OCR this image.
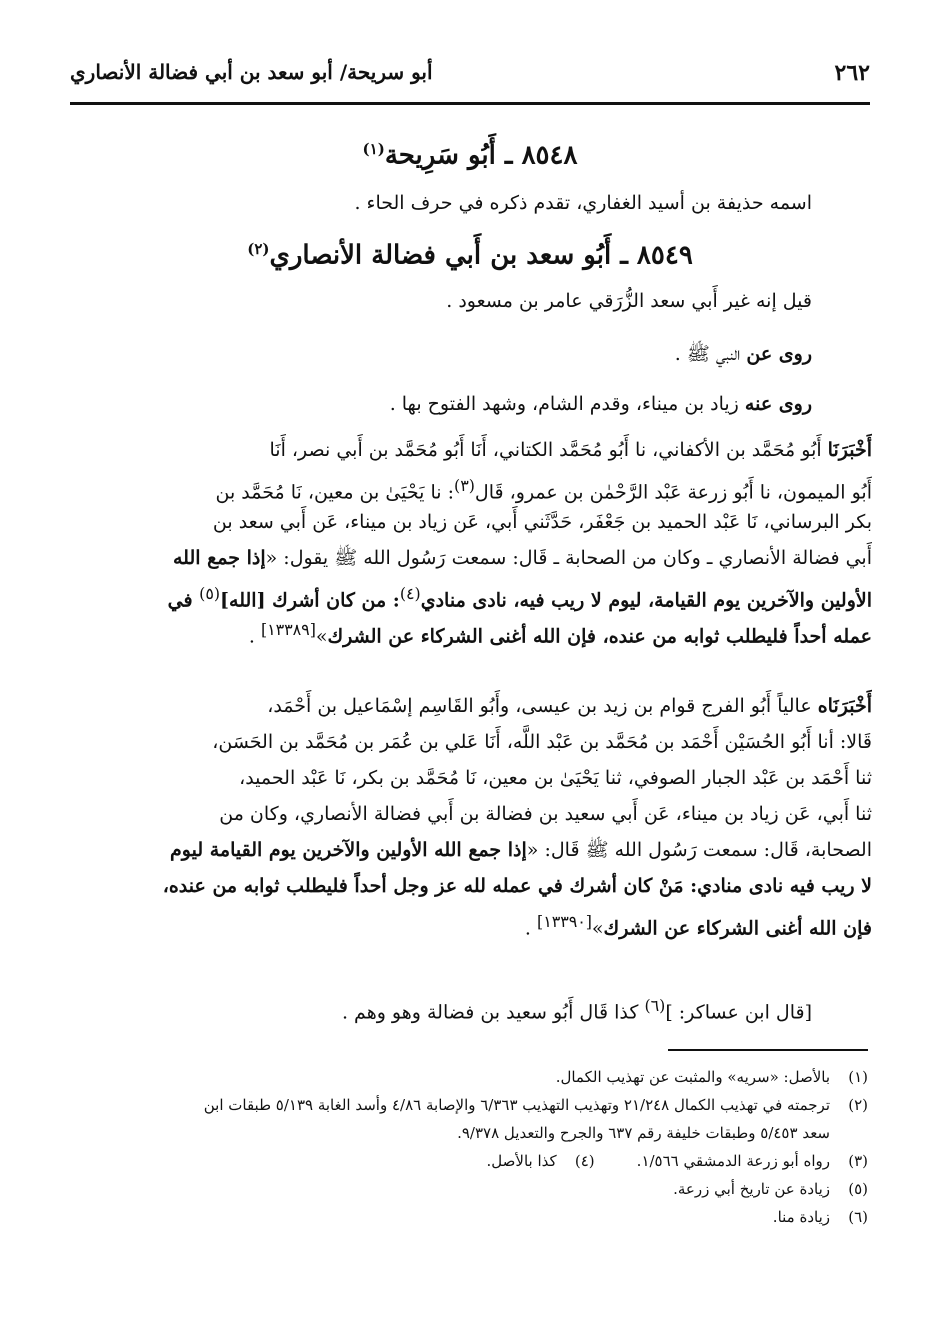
٢٦٢
أبو سريحة/ أبو سعد بن أبي فضالة الأنصاري
٨٥٤٨ ـ أَبُو سَرِيحة$^{(١)}$
اسمه حذيفة بن أسيد الغفاري، تقدم ذكره في حرف الحاء .
٨٥٤٩ ـ أَبُو سعد بن أَبي فضالة الأنصاري$^{(٢)}$
قيل إنه غير أَبي سعد الزُّرَقي عامر بن مسعود .
روى عن النبي ﷺ .
روى عنه زياد بن ميناء، وقدم الشام، وشهد الفتوح بها .
أَخْبَرَنَا أَبُو مُحَمَّد بن الأكفاني، نا أَبُو مُحَمَّد الكتاني، أَنَا أَبُو مُحَمَّد بن أَبي نصر، أَنَا
أَبُو الميمون، نا أَبُو زرعة عَبْد الرَّحْمٰن بن عمرو، قَال$^{(٣)}$: نا يَحْيَىٰ بن معين، نَا مُحَمَّد بن
بكر البرساني، نَا عَبْد الحميد بن جَعْفَر، حَدَّثَني أَبي، عَن زياد بن ميناء، عَن أَبي سعد بن
أَبي فضالة الأنصاري ـ وكان من الصحابة ـ قَال: سمعت رَسُول الله ﷺ يقول: «إذا جمع الله
الأولين والآخرين يوم القيامة، ليوم لا ريب فيه، نادى منادي$^{(٤)}$: من كان أشرك [الله]$^{(٥)}$ في
عمله أحداً فليطلب ثوابه من عنده، فإن الله أغنى الشركاء عن الشرك»[١٣٣٨٩] .
أَخْبَرَنَاه عالياً أَبُو الفرج قوام بن زيد بن عيسى، وأَبُو القَاسِم إسْمَاعيل بن أَحْمَد،
قَالا: أنا أَبُو الحُسَيْن أَحْمَد بن مُحَمَّد بن عَبْد اللَّه، أَنَا عَلي بن عُمَر بن مُحَمَّد بن الحَسَن،
ثنا أَحْمَد بن عَبْد الجبار الصوفي، ثنا يَحْيَىٰ بن معين، نَا مُحَمَّد بن بكر، نَا عَبْد الحميد،
ثنا أَبي، عَن زياد بن ميناء، عَن أَبي سعيد بن فضالة بن أَبي فضالة الأنصاري، وكان من
الصحابة، قَال: سمعت رَسُول الله ﷺ قَال: «إذا جمع الله الأولين والآخرين يوم القيامة ليوم
لا ريب فيه نادى منادي: مَنْ كان أشرك في عمله لله عز وجل أحداً فليطلب ثوابه من عنده،
فإن الله أغنى الشركاء عن الشرك»[١٣٣٩٠] .
[قال ابن عساكر: ]$^{(٦)}$ كذا قَال أَبُو سعيد بن فضالة وهو وهم .
(١)بالأصل: «سريه» والمثبت عن تهذيب الكمال.
(٢)ترجمته في تهذيب الكمال ٢١/٢٤٨ وتهذيب التهذيب ٦/٣٦٣ والإصابة ٤/٨٦ وأسد الغابة ٥/١٣٩ طبقات ابن
سعد ٥/٤٥٣ وطبقات خليفة رقم ٦٣٧ والجرح والتعديل ٩/٣٧٨.
(٣)رواه أبو زرعة الدمشقي ١/٥٦٦.(٤)كذا بالأصل.
(٥)زيادة عن تاريخ أبي زرعة.
(٦)زيادة منا.
